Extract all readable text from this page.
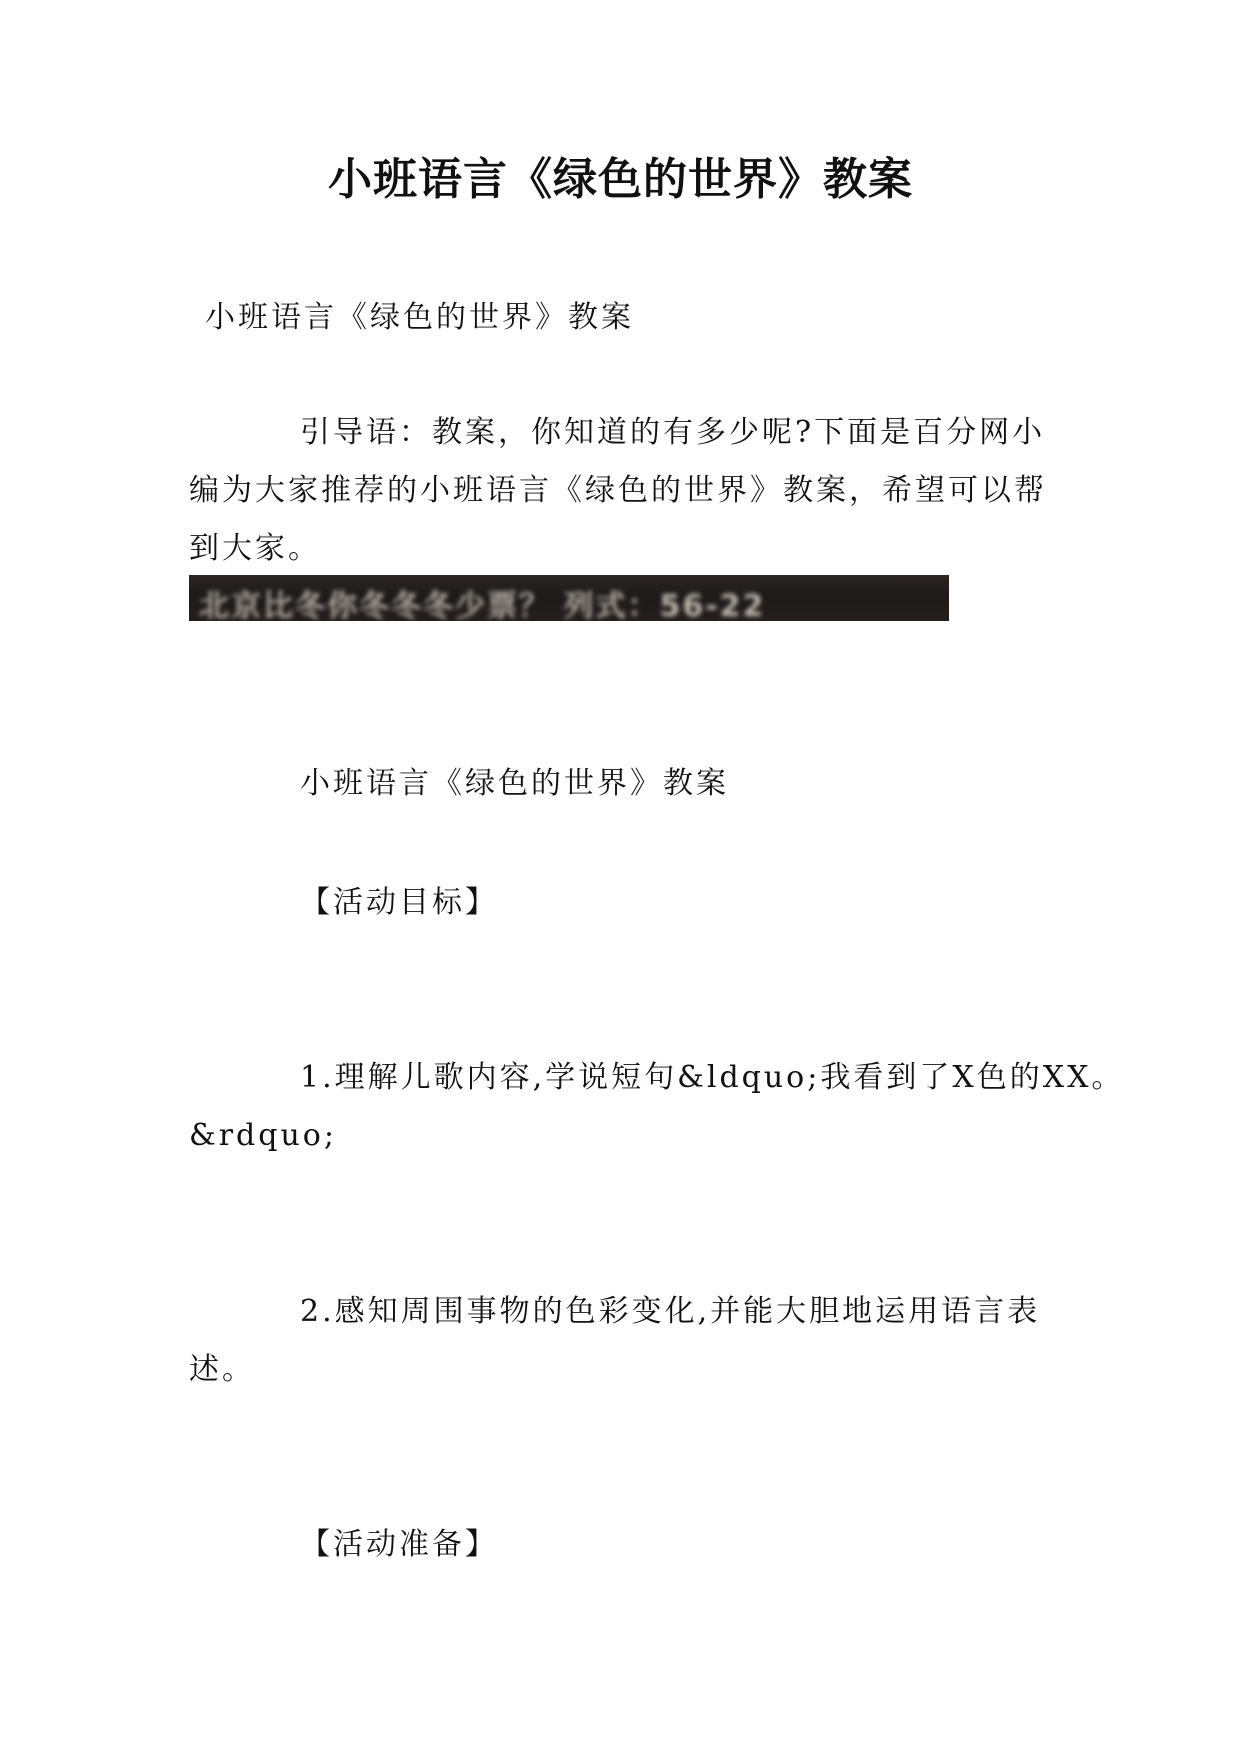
小班语言《绿色的世界》教案

小班语言《绿色的世界》教案

引导语：教案，你知道的有多少呢?下面是百分网小

编为大家推荐的小班语言《绿色的世界》教案，希望可以帮

到大家。

北京比冬你冬冬冬少票？ 列式：56-22

小班语言《绿色的世界》教案

【活动目标】

1.理解儿歌内容,学说短句&ldquo;我看到了X色的XX。

&rdquo;

2.感知周围事物的色彩变化,并能大胆地运用语言表

述。

【活动准备】
